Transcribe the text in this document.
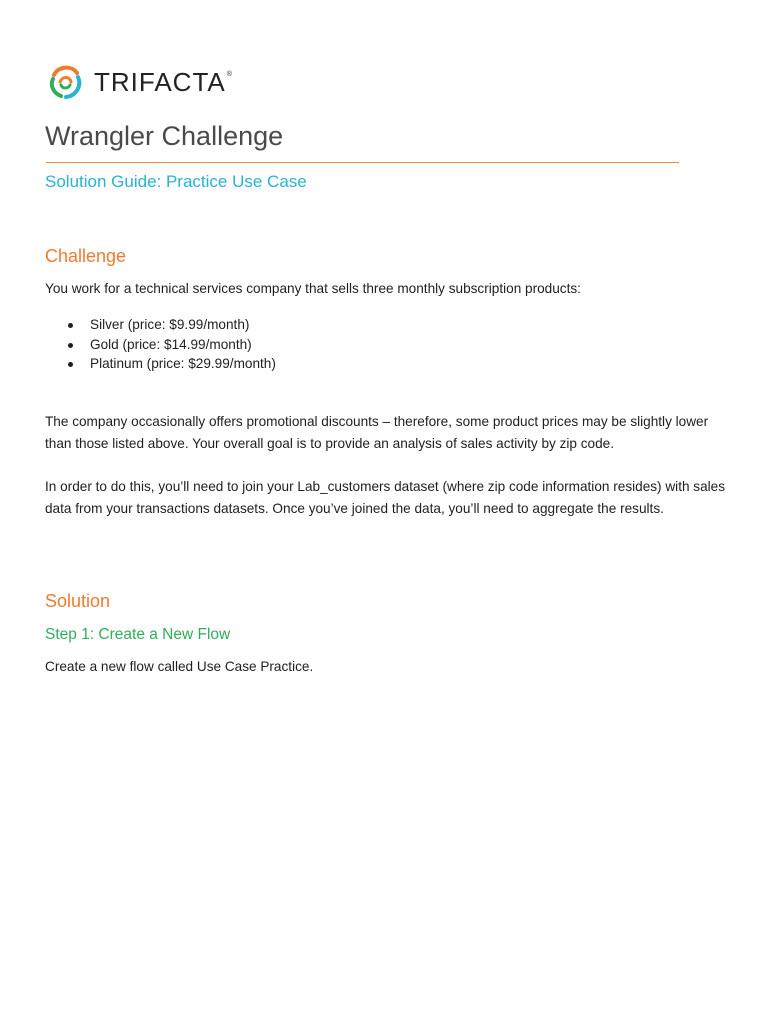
TRIFACTA®
Wrangler Challenge
Solution Guide: Practice Use Case
Challenge

You work for a technical services company that sells three monthly subscription products:

Silver (price: $9.99/month)
Gold (price: $14.99/month)
Platinum (price: $29.99/month)

The company occasionally offers promotional discounts – therefore, some product prices may be slightly lower than those listed above. Your overall goal is to provide an analysis of sales activity by zip code.

In order to do this, you’ll need to join your Lab_customers dataset (where zip code information resides) with sales data from your transactions datasets. Once you’ve joined the data, you’ll need to aggregate the results.

Solution
Step 1: Create a New Flow

Create a new flow called Use Case Practice.
